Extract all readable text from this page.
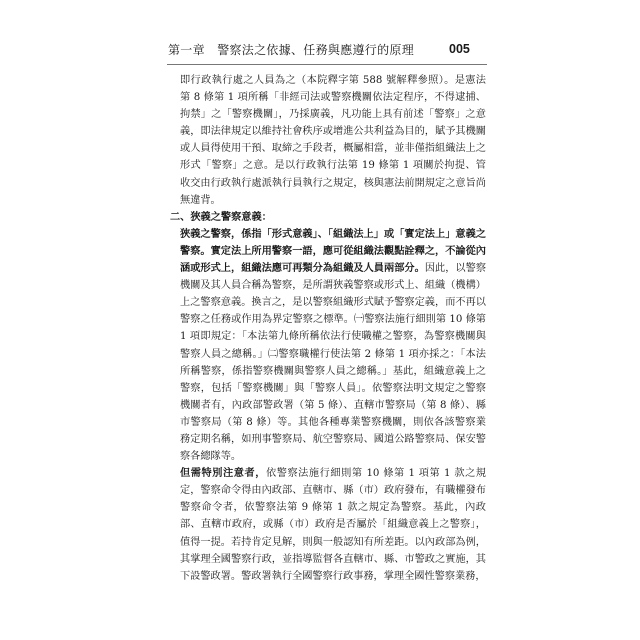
第一章　警察法之依據、任務與應遵行的原理	005

即行政執行處之人員為之（本院釋字第 588 號解釋參照）。是憲法第 8 條第 1 項所稱「非經司法或警察機關依法定程序，不得逮捕、拘禁」之「警察機關」，乃採廣義，凡功能上具有前述「警察」之意義，即法律規定以維持社會秩序或增進公共利益為目的，賦予其機關或人員得使用干預、取締之手段者，概屬相當，並非僅指組織法上之形式「警察」之意。是以行政執行法第 19 條第 1 項關於拘提、管收交由行政執行處派執行員執行之規定，核與憲法前開規定之意旨尚無違背。

二、狹義之警察意義：

狹義之警察，係指「形式意義」、「組織法上」或「實定法上」意義之警察。實定法上所用警察一語，應可從組織法觀點詮釋之，不論從內涵或形式上，組織法應可再類分為組織及人員兩部分。因此，以警察機關及其人員合稱為警察，是所謂狹義警察或形式上、組織（機構）上之警察意義。換言之，是以警察組織形式賦予警察定義，而不再以警察之任務或作用為界定警察之標準。㈠警察法施行細則第 10 條第 1 項即規定：「本法第九條所稱依法行使職權之警察，為警察機關與警察人員之總稱。」㈡警察職權行使法第 2 條第 1 項亦採之：「本法所稱警察，係指警察機關與警察人員之總稱。」基此，組織意義上之警察，包括「警察機關」與「警察人員」。依警察法明文規定之警察機關者有，內政部警政署（第 5 條）、直轄市警察局（第 8 條）、縣市警察局（第 8 條）等。其他各種專業警察機關，則依各該警察業務定期名稱，如刑事警察局、航空警察局、國道公路警察局、保安警察各總隊等。

但需特別注意者，依警察法施行細則第 10 條第 1 項第 1 款之規定，警察命令得由內政部、直轄市、縣（市）政府發布，有職權發布警察命令者，依警察法第 9 條第 1 款之規定為警察。基此，內政部、直轄市政府，或縣（市）政府是否屬於「組織意義上之警察」，值得一提。若持肯定見解，則與一般認知有所差距。以內政部為例，其掌理全國警察行政，並指導監督各直轄市、縣、市警政之實施，其下設警政署。警政署執行全國警察行政事務，掌理全國性警察業務，
